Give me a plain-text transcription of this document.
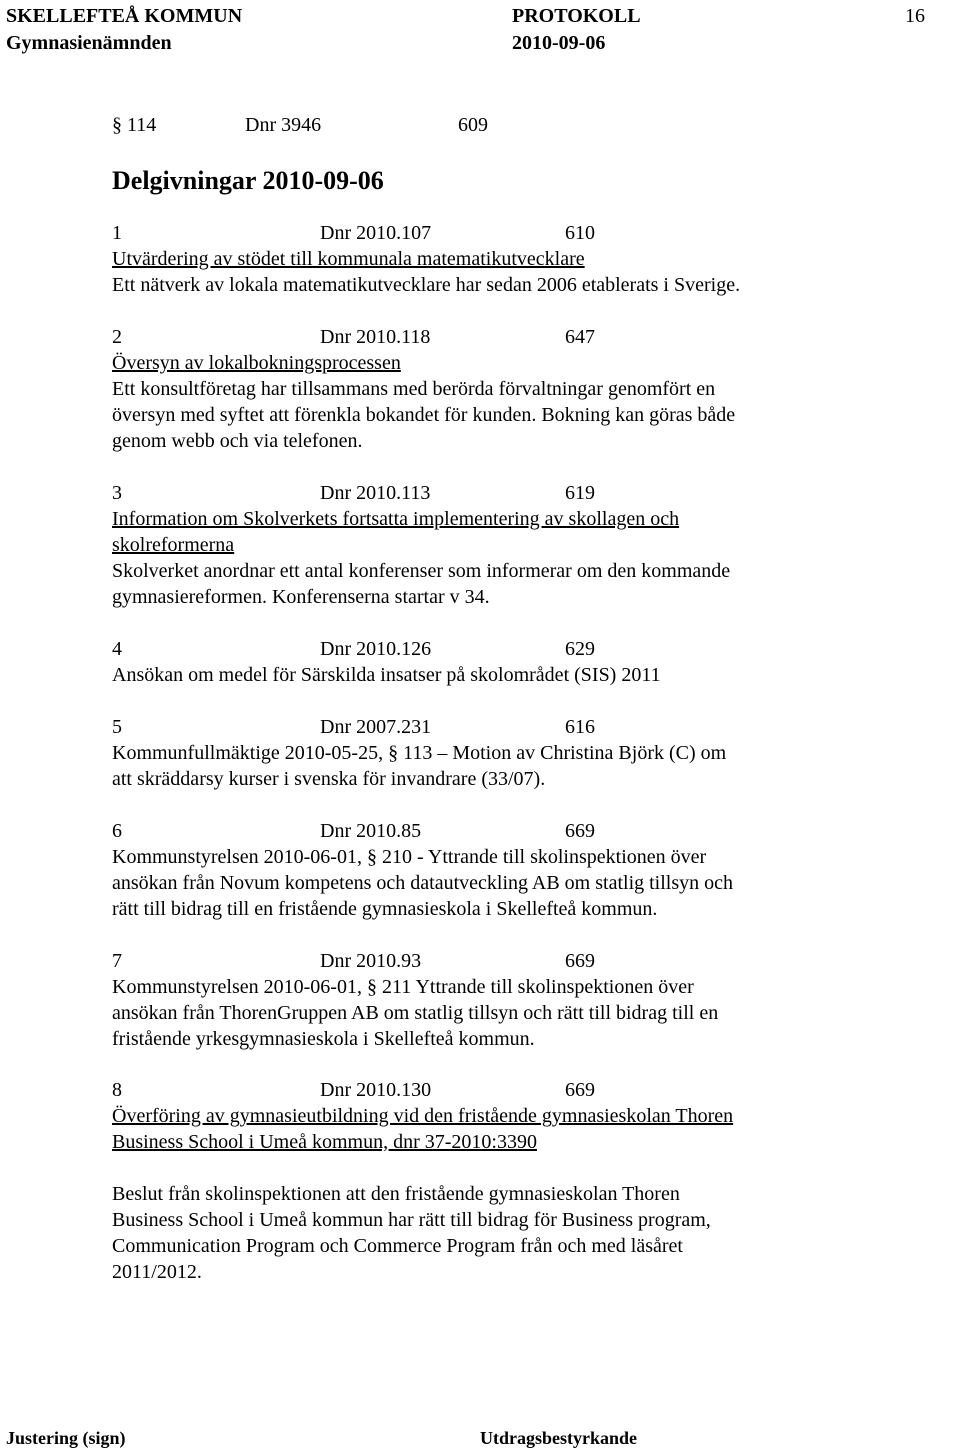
SKELLEFTEÅ KOMMUN	PROTOKOLL	16
Gymnasienämnden	2010-09-06
§ 114	Dnr 3946	609
Delgivningar 2010-09-06
1	Dnr 2010.107	610
Utvärdering av stödet till kommunala matematikutvecklare
Ett nätverk av lokala matematikutvecklare har sedan 2006 etablerats i Sverige.
2	Dnr 2010.118	647
Översyn av lokalbokningsprocessen
Ett konsultföretag har tillsammans med berörda förvaltningar genomfört en
översyn med syftet att förenkla bokandet för kunden. Bokning kan göras både
genom webb och via telefonen.
3	Dnr 2010.113	619
Information om Skolverkets fortsatta implementering av skollagen och
skolreformerna
Skolverket anordnar ett antal konferenser som informerar om den kommande
gymnasiereformen. Konferenserna startar v 34.
4	Dnr 2010.126	629
Ansökan om medel för Särskilda insatser på skolområdet (SIS) 2011
5	Dnr 2007.231	616
Kommunfullmäktige 2010-05-25, § 113 – Motion av Christina Björk (C) om
att skräddarsy kurser i svenska för invandrare (33/07).
6	Dnr 2010.85	669
Kommunstyrelsen 2010-06-01, § 210 - Yttrande till skolinspektionen över
ansökan från Novum kompetens och datautveckling AB om statlig tillsyn och
rätt till bidrag till en fristående gymnasieskola i Skellefteå kommun.
7	Dnr 2010.93	669
Kommunstyrelsen 2010-06-01, § 211 Yttrande till skolinspektionen över
ansökan från ThorenGruppen AB om statlig tillsyn och rätt till bidrag till en
fristående yrkesgymnasieskola i Skellefteå kommun.
8	Dnr 2010.130	669
Överföring av gymnasieutbildning vid den fristående gymnasieskolan Thoren
Business School i Umeå kommun, dnr 37-2010:3390
Beslut från skolinspektionen att den fristående gymnasieskolan Thoren
Business School i Umeå kommun har rätt till bidrag för Business program,
Communication Program och Commerce Program från och med läsåret
2011/2012.
Justering (sign)	Utdragsbestyrkande
